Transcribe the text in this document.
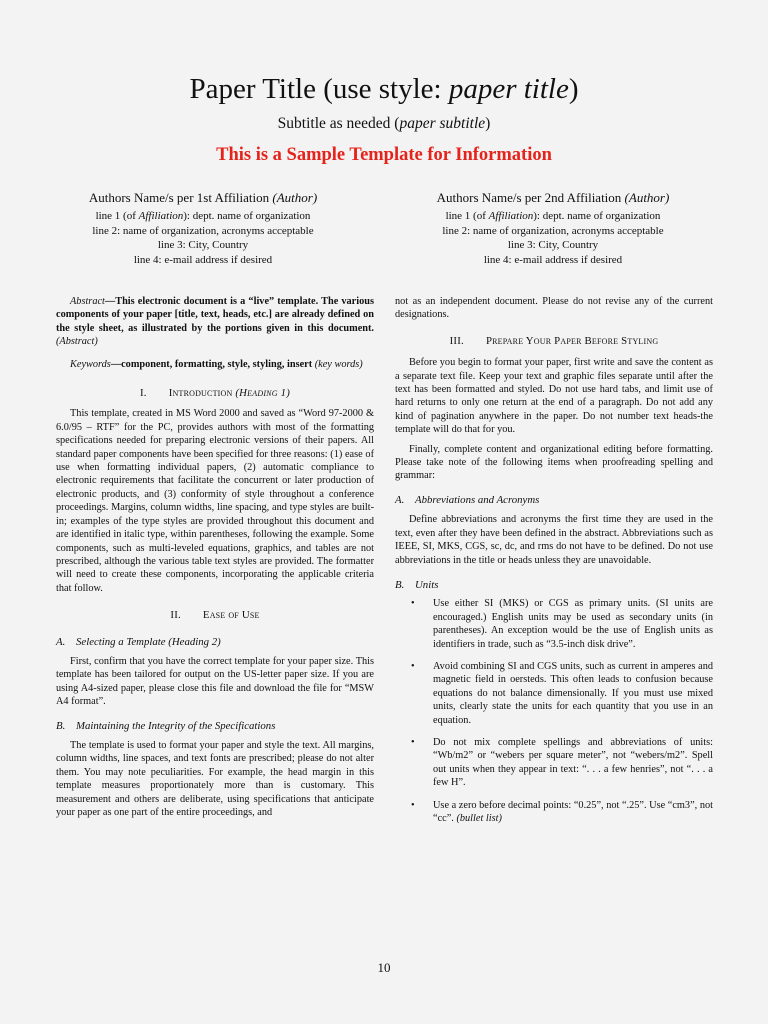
Paper Title (use style: paper title)
Subtitle as needed (paper subtitle)
This is a Sample Template for Information
Authors Name/s per 1st Affiliation (Author)
line 1 (of Affiliation): dept. name of organization
line 2: name of organization, acronyms acceptable
line 3: City, Country
line 4: e-mail address if desired
Authors Name/s per 2nd Affiliation (Author)
line 1 (of Affiliation): dept. name of organization
line 2: name of organization, acronyms acceptable
line 3: City, Country
line 4: e-mail address if desired

Abstract—This electronic document is a “live” template. The various components of your paper [title, text, heads, etc.] are already defined on the style sheet, as illustrated by the portions given in this document. (Abstract)

Keywords—component, formatting, style, styling, insert (key words)

I. Introduction (Heading 1)

This template, created in MS Word 2000 and saved as “Word 97-2000 & 6.0/95 – RTF” for the PC, provides authors with most of the formatting specifications needed for preparing electronic versions of their papers. All standard paper components have been specified for three reasons: (1) ease of use when formatting individual papers, (2) automatic compliance to electronic requirements that facilitate the concurrent or later production of electronic products, and (3) conformity of style throughout a conference proceedings. Margins, column widths, line spacing, and type styles are built-in; examples of the type styles are provided throughout this document and are identified in italic type, within parentheses, following the example. Some components, such as multi-leveled equations, graphics, and tables are not prescribed, although the various table text styles are provided. The formatter will need to create these components, incorporating the applicable criteria that follow.

II. Ease of Use

A. Selecting a Template (Heading 2)

First, confirm that you have the correct template for your paper size. This template has been tailored for output on the US-letter paper size. If you are using A4-sized paper, please close this file and download the file for “MSW A4 format”.

B. Maintaining the Integrity of the Specifications

The template is used to format your paper and style the text. All margins, column widths, line spaces, and text fonts are prescribed; please do not alter them. You may note peculiarities. For example, the head margin in this template measures proportionately more than is customary. This measurement and others are deliberate, using specifications that anticipate your paper as one part of the entire proceedings, and

not as an independent document. Please do not revise any of the current designations.

III. Prepare Your Paper Before Styling

Before you begin to format your paper, first write and save the content as a separate text file. Keep your text and graphic files separate until after the text has been formatted and styled. Do not use hard tabs, and limit use of hard returns to only one return at the end of a paragraph. Do not add any kind of pagination anywhere in the paper. Do not number text heads-the template will do that for you.

Finally, complete content and organizational editing before formatting. Please take note of the following items when proofreading spelling and grammar:

A. Abbreviations and Acronyms

Define abbreviations and acronyms the first time they are used in the text, even after they have been defined in the abstract. Abbreviations such as IEEE, SI, MKS, CGS, sc, dc, and rms do not have to be defined. Do not use abbreviations in the title or heads unless they are unavoidable.

B. Units

• Use either SI (MKS) or CGS as primary units. (SI units are encouraged.) English units may be used as secondary units (in parentheses). An exception would be the use of English units as identifiers in trade, such as “3.5-inch disk drive”.
• Avoid combining SI and CGS units, such as current in amperes and magnetic field in oersteds. This often leads to confusion because equations do not balance dimensionally. If you must use mixed units, clearly state the units for each quantity that you use in an equation.
• Do not mix complete spellings and abbreviations of units: “Wb/m2” or “webers per square meter”, not “webers/m2”. Spell out units when they appear in text: “. . . a few henries”, not “. . . a few H”.
• Use a zero before decimal points: “0.25”, not “.25”. Use “cm3”, not “cc”. (bullet list)
10
